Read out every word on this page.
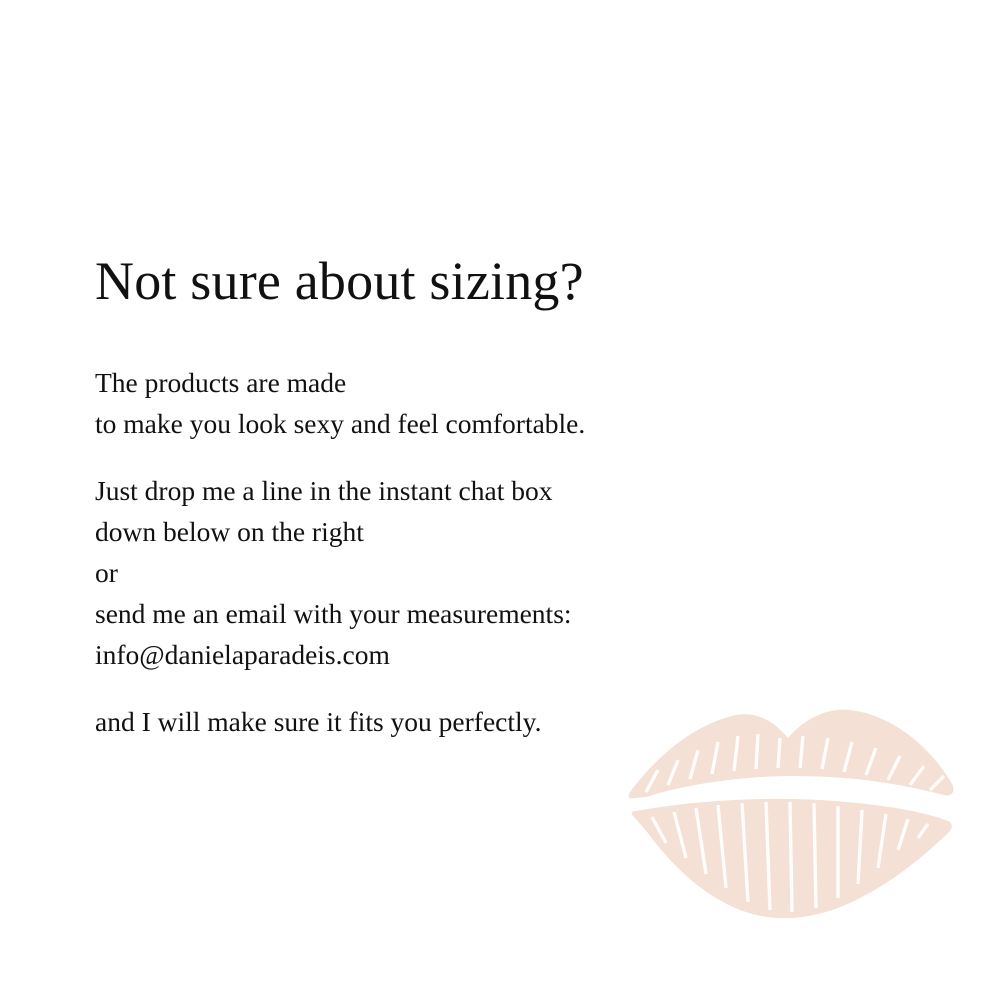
Not sure about sizing?

The products are made
to make you look sexy and feel comfortable.

Just drop me a line in the instant chat box
down below on the right
or
send me an email with your measurements:
info@danielaparadeis.com

and I will make sure it fits you perfectly.
